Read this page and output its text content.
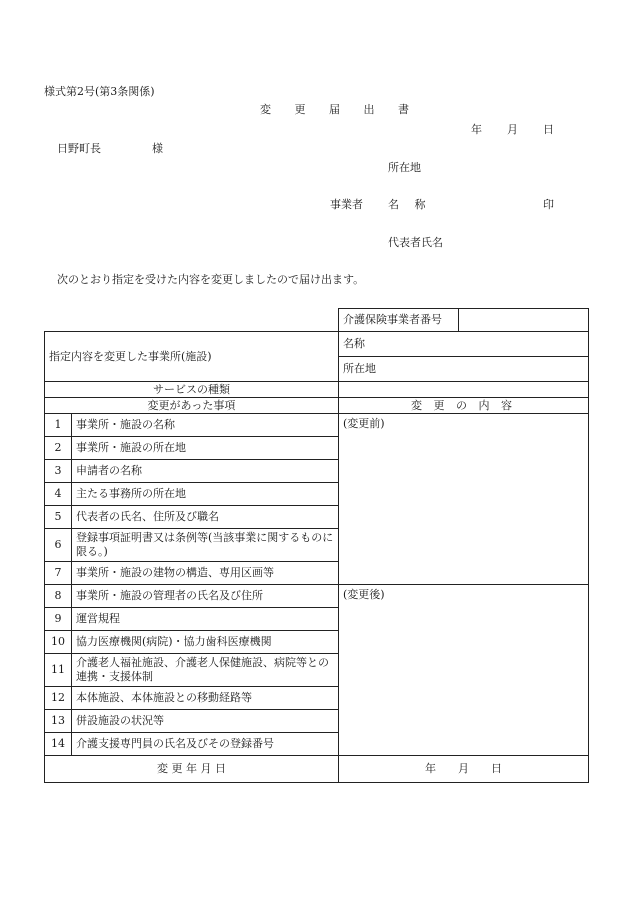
様式第2号(第3条関係)
変 更 届 出 書
年 月 日
日野町長	様
所在地
事業者 名 称	印
代表者氏名
次のとおり指定を受けた内容を変更しましたので届け出ます。
	介護保険事業者番号	

指定内容を変更した事業所(施設)	名称
所在地
サービスの種類	
変更があった事項	変 更 の 内 容
1	事業所・施設の名称	(変更前)
2	事業所・施設の所在地
3	申請者の名称
4	主たる事務所の所在地
5	代表者の氏名、住所及び職名
6	登録事項証明書又は条例等(当該事業に関するものに限る。)
7	事業所・施設の建物の構造、専用区画等
8	事業所・施設の管理者の氏名及び住所	(変更後)
9	運営規程
10	協力医療機関(病院)・協力歯科医療機関
11	介護老人福祉施設、介護老人保健施設、病院等との連携・支援体制
12	本体施設、本体施設との移動経路等
13	併設施設の状況等
14	介護支援専門員の氏名及びその登録番号
変 更 年 月 日	年　　月　　日
